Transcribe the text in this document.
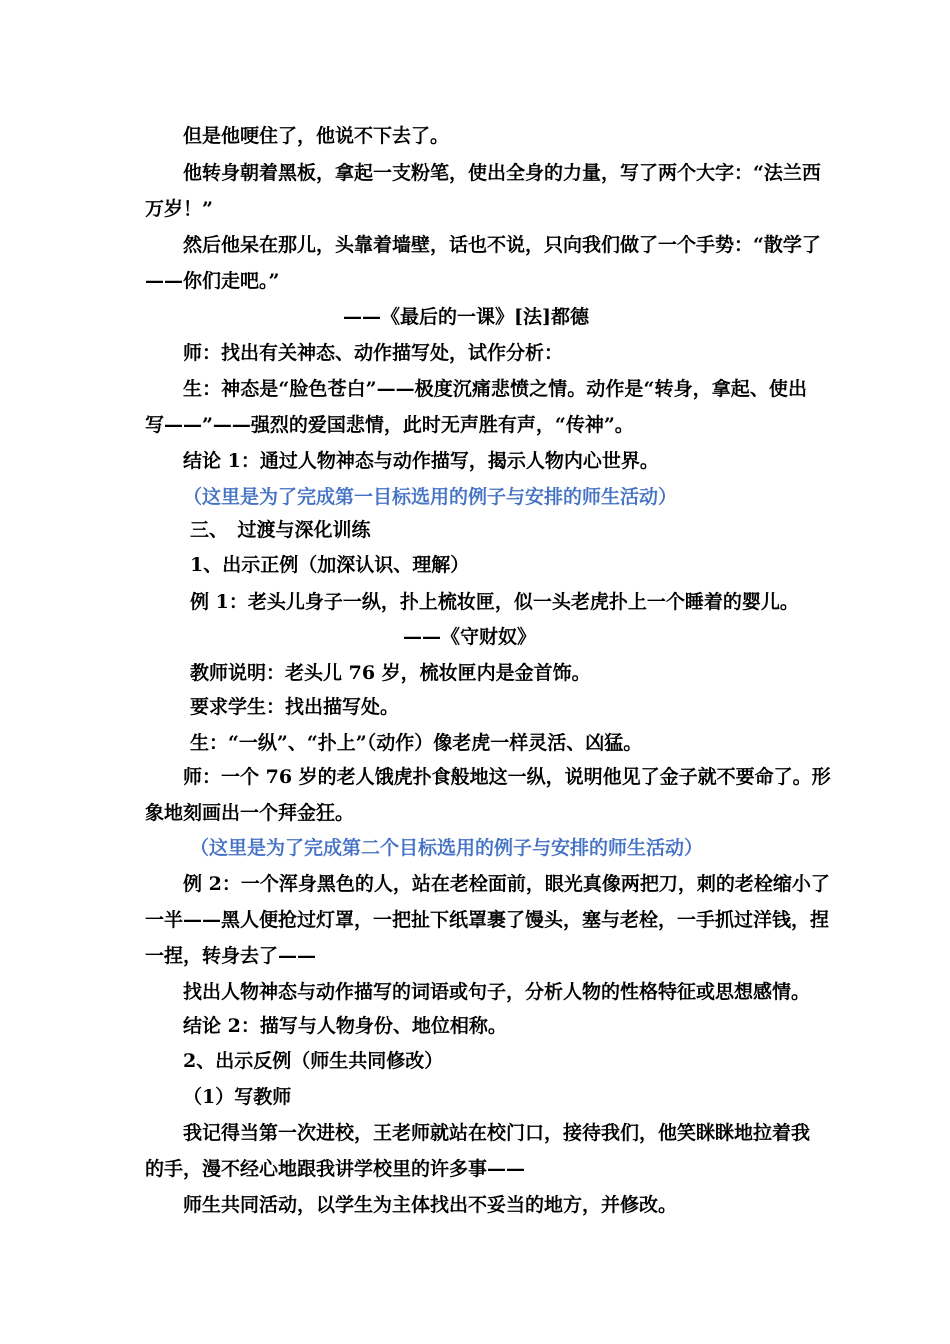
但是他哽住了，他说不下去了。
他转身朝着黑板，拿起一支粉笔，使出全身的力量，写了两个大字：“法兰西
万岁！”
然后他呆在那儿，头靠着墙壁，话也不说，只向我们做了一个手势：“散学了
——你们走吧。”
——《最后的一课》[法]都德
师：找出有关神态、动作描写处，试作分析：
生：神态是“脸色苍白”——极度沉痛悲愤之情。动作是“转身，拿起、使出
写——”——强烈的爱国悲情，此时无声胜有声，“传神”。
结论 1：通过人物神态与动作描写，揭示人物内心世界。
（这里是为了完成第一目标选用的例子与安排的师生活动）
三、　过渡与深化训练
1、出示正例（加深认识、理解）
例 1：老头儿身子一纵，扑上梳妆匣，似一头老虎扑上一个睡着的婴儿。
——《守财奴》
教师说明：老头儿 76 岁，梳妆匣内是金首饰。
要求学生：找出描写处。
生：“一纵”、“扑上”（动作）像老虎一样灵活、凶猛。
师：一个 76 岁的老人饿虎扑食般地这一纵，说明他见了金子就不要命了。形
象地刻画出一个拜金狂。
（这里是为了完成第二个目标选用的例子与安排的师生活动）
例 2：一个浑身黑色的人，站在老栓面前，眼光真像两把刀，刺的老栓缩小了
一半——黑人便抢过灯罩，一把扯下纸罩裹了馒头，塞与老栓，一手抓过洋钱，捏
一捏，转身去了——
找出人物神态与动作描写的词语或句子，分析人物的性格特征或思想感情。
结论 2：描写与人物身份、地位相称。
2、出示反例（师生共同修改）
（1）写教师
我记得当第一次进校，王老师就站在校门口，接待我们，他笑眯眯地拉着我
的手，漫不经心地跟我讲学校里的许多事——
师生共同活动，以学生为主体找出不妥当的地方，并修改。
